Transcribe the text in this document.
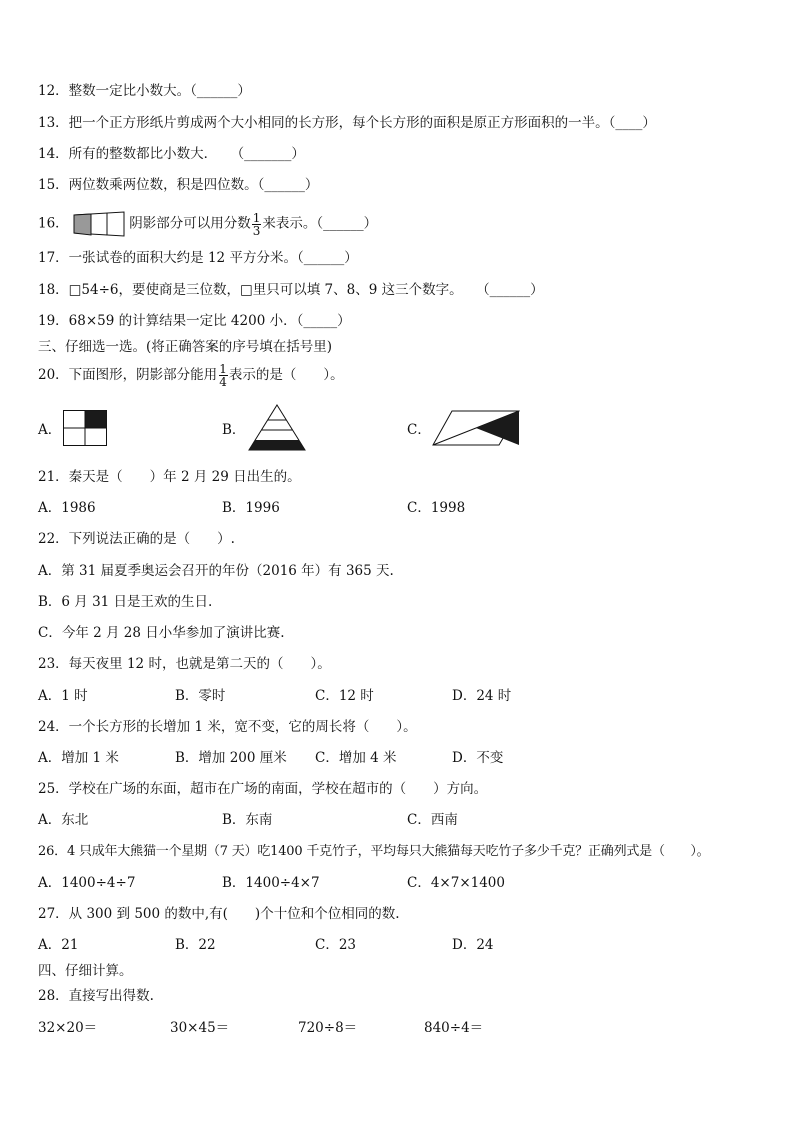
12．整数一定比小数大。（______）
13．把一个正方形纸片剪成两个大小相同的长方形，每个长方形的面积是原正方形面积的一半。（____）
14．所有的整数都比小数大．　　（_______）
15．两位数乘两位数，积是四位数。（______）
16．	阴影部分可以用分数 $\frac{1}{3}$ 来表示。（______）
17．一张试卷的面积大约是 12 平方分米。（______）
18．□54÷6，要使商是三位数，□里只可以填 7、8、9 这三个数字。　　（______）
19．68×59 的计算结果一定比 4200 小．（_____）
三、仔细选一选。(将正确答案的序号填在括号里)
20．下面图形，阴影部分能用 $\frac{1}{4}$ 表示的是（　　）。
A．	B．	C．
21．秦天是（　　）年 2 月 29 日出生的。
A．1986	B．1996	C．1998
22．下列说法正确的是（　　）.
A．第 31 届夏季奥运会召开的年份（2016 年）有 365 天.
B．6 月 31 日是王欢的生日.
C．今年 2 月 28 日小华参加了演讲比赛.
23．每天夜里 12 时，也就是第二天的（　　）。
A．1 时	B．零时	C．12 时	D．24 时
24．一个长方形的长增加 1 米，宽不变，它的周长将（　　）。
A．增加 1 米	B．增加 200 厘米 C．增加 4 米	D．不变
25．学校在广场的东面，超市在广场的南面，学校在超市的（　　）方向。
A．东北	B．东南	C．西南
26．4 只成年大熊猫一个星期（7 天）吃1400 千克竹子，平均每只大熊猫每天吃竹子多少千克？正确列式是（　　）。
A．1400÷4÷7	B．1400÷4×7	C．4×7×1400
27．从 300 到 500 的数中,有(　　)个十位和个位相同的数.
A．21	B．22	C．23	D．24
四、仔细计算。
28．直接写出得数.
32×20＝	30×45＝	720÷8＝	840÷4＝
